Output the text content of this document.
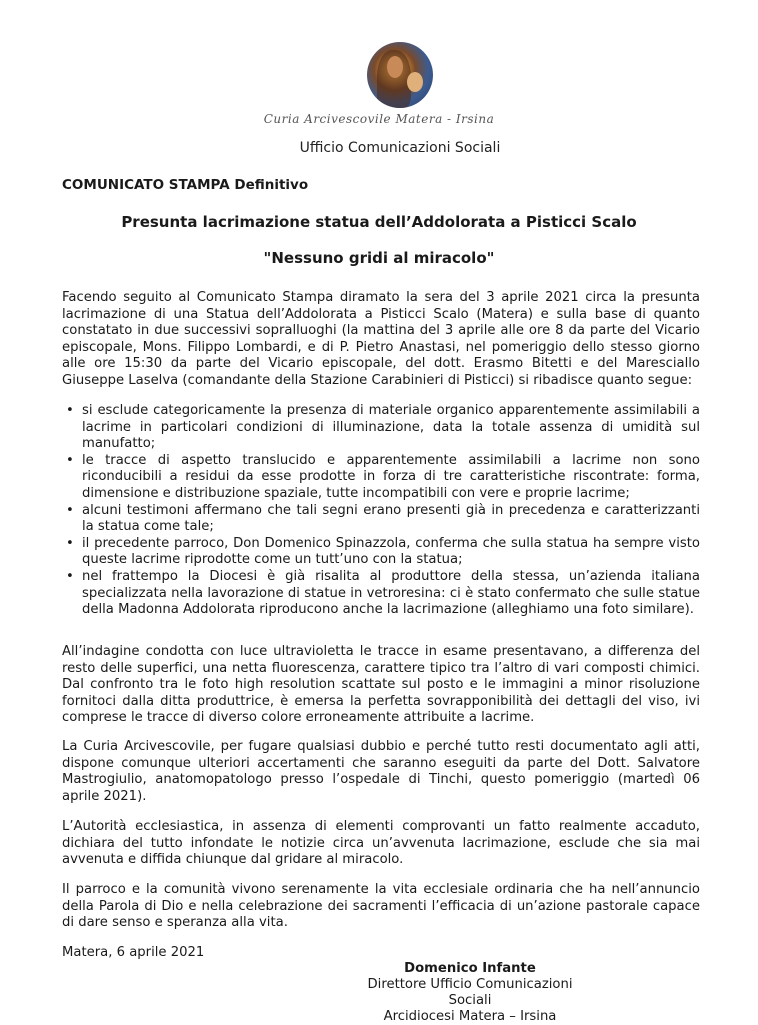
Curia Arcivescovile Matera - Irsina
Ufficio Comunicazioni Sociali
COMUNICATO STAMPA Definitivo
Presunta lacrimazione statua dell’Addolorata a Pisticci Scalo
"Nessuno gridi al miracolo"
Facendo seguito al Comunicato Stampa diramato la sera del 3 aprile 2021 circa la presunta lacrimazione di una Statua dell’Addolorata a Pisticci Scalo (Matera) e sulla base di quanto constatato in due successivi sopralluoghi (la mattina del 3 aprile alle ore 8 da parte del Vicario episcopale, Mons. Filippo Lombardi, e di P. Pietro Anastasi, nel pomeriggio dello stesso giorno alle ore 15:30 da parte del Vicario episcopale, del dott. Erasmo Bitetti e del Maresciallo Giuseppe Laselva (comandante della Stazione Carabinieri di Pisticci) si ribadisce quanto segue:
• si esclude categoricamente la presenza di materiale organico apparentemente assimilabili a lacrime in particolari condizioni di illuminazione, data la totale assenza di umidità sul manufatto;
• le tracce di aspetto translucido e apparentemente assimilabili a lacrime non sono riconducibili a residui da esse prodotte in forza di tre caratteristiche riscontrate: forma, dimensione e distribuzione spaziale, tutte incompatibili con vere e proprie lacrime;
• alcuni testimoni affermano che tali segni erano presenti già in precedenza e caratterizzanti la statua come tale;
• il precedente parroco, Don Domenico Spinazzola, conferma che sulla statua ha sempre visto queste lacrime riprodotte come un tutt’uno con la statua;
• nel frattempo la Diocesi è già risalita al produttore della stessa, un’azienda italiana specializzata nella lavorazione di statue in vetroresina: ci è stato confermato che sulle statue della Madonna Addolorata riproducono anche la lacrimazione (alleghiamo una foto similare).
All’indagine condotta con luce ultravioletta le tracce in esame presentavano, a differenza del resto delle superfici, una netta fluorescenza, carattere tipico tra l’altro di vari composti chimici. Dal confronto tra le foto high resolution scattate sul posto e le immagini a minor risoluzione fornitoci dalla ditta produttrice, è emersa la perfetta sovrapponibilità dei dettagli del viso, ivi comprese le tracce di diverso colore erroneamente attribuite a lacrime.
La Curia Arcivescovile, per fugare qualsiasi dubbio e perché tutto resti documentato agli atti, dispone comunque ulteriori accertamenti che saranno eseguiti da parte del Dott. Salvatore Mastrogiulio, anatomopatologo presso l’ospedale di Tinchi, questo pomeriggio (martedì 06 aprile 2021).
L’Autorità ecclesiastica, in assenza di elementi comprovanti un fatto realmente accaduto, dichiara del tutto infondate le notizie circa un’avvenuta lacrimazione, esclude che sia mai avvenuta e diffida chiunque dal gridare al miracolo.
Il parroco e la comunità vivono serenamente la vita ecclesiale ordinaria che ha nell’annuncio della Parola di Dio e nella celebrazione dei sacramenti l’efficacia di un’azione pastorale capace di dare senso e speranza alla vita.
Matera, 6 aprile 2021
Domenico Infante
Direttore Ufficio Comunicazioni Sociali
Arcidiocesi Matera – Irsina
